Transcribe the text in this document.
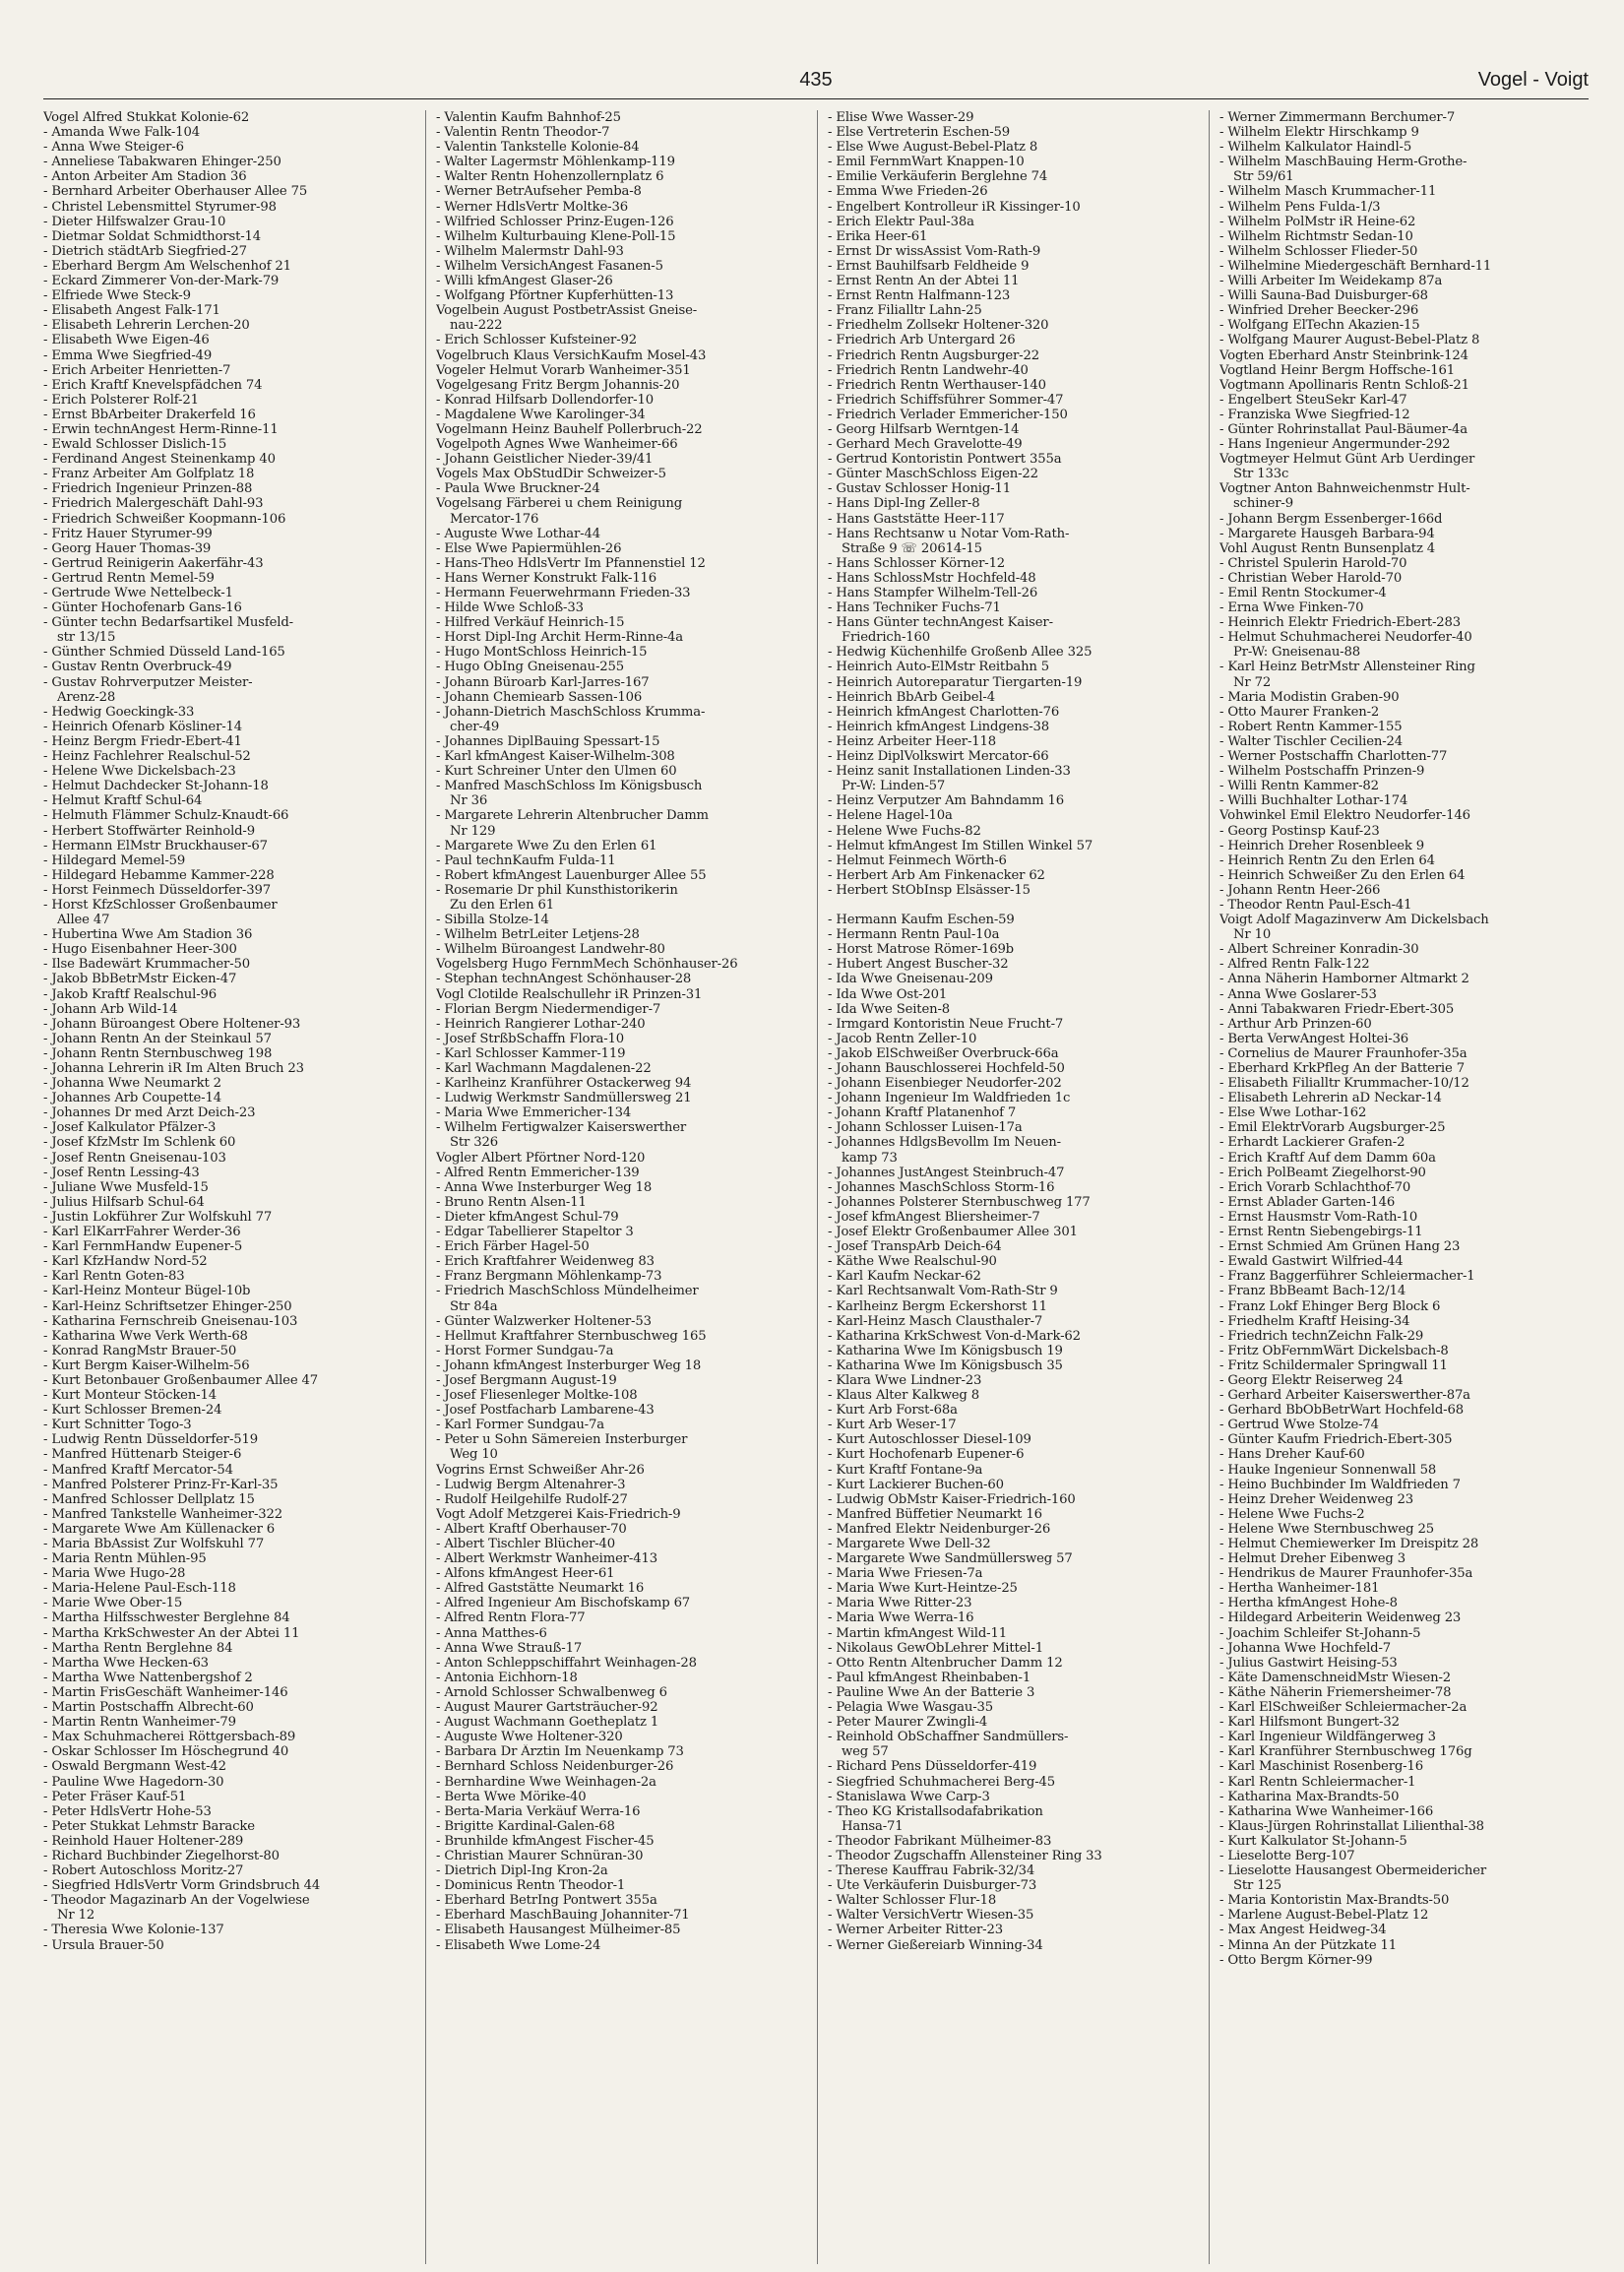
435	Vogel - Voigt
Vogel Alfred Stukkat Kolonie-62
- Amanda Wwe Falk-104
- Anna Wwe Steiger-6
- Anneliese Tabakwaren Ehinger-250
- Anton Arbeiter Am Stadion 36
- Bernhard Arbeiter Oberhauser Allee 75
- Christel Lebensmittel Styrumer-98
- Dieter Hilfswalzer Grau-10
- Dietmar Soldat Schmidthorst-14
- Dietrich städtArb Siegfried-27
- Eberhard Bergm Am Welschenhof 21
- Eckard Zimmerer Von-der-Mark-79
- Elfriede Wwe Steck-9
- Elisabeth Angest Falk-171
- Elisabeth Lehrerin Lerchen-20
- Elisabeth Wwe Eigen-46
- Emma Wwe Siegfried-49
- Erich Arbeiter Henrietten-7
- Erich Kraftf Knevelspfädchen 74
- Erich Polsterer Rolf-21
- Ernst BbArbeiter Drakerfeld 16
- Erwin technAngest Herm-Rinne-11
- Ewald Schlosser Dislich-15
- Ferdinand Angest Steinenkamp 40
- Franz Arbeiter Am Golfplatz 18
- Friedrich Ingenieur Prinzen-88
- Friedrich Malergeschäft Dahl-93
- Friedrich Schweißer Koopmann-106
- Fritz Hauer Styrumer-99
- Georg Hauer Thomas-39
- Gertrud Reinigerin Aakerfähr-43
- Gertrud Rentn Memel-59
- Gertrude Wwe Nettelbeck-1
- Günter Hochofenarb Gans-16
- Günter techn Bedarfsartikel Musfeld-
str 13/15
- Günther Schmied Düsseld Land-165
- Gustav Rentn Overbruck-49
- Gustav Rohrverputzer Meister-
Arenz-28
- Hedwig Goeckingk-33
- Heinrich Ofenarb Kösliner-14
- Heinz Bergm Friedr-Ebert-41
- Heinz Fachlehrer Realschul-52
- Helene Wwe Dickelsbach-23
- Helmut Dachdecker St-Johann-18
- Helmut Kraftf Schul-64
- Helmuth Flämmer Schulz-Knaudt-66
- Herbert Stoffwärter Reinhold-9
- Hermann ElMstr Bruckhauser-67
- Hildegard Memel-59
- Hildegard Hebamme Kammer-228
- Horst Feinmech Düsseldorfer-397
- Horst KfzSchlosser Großenbaumer
Allee 47
- Hubertina Wwe Am Stadion 36
- Hugo Eisenbahner Heer-300
- Ilse Badewärt Krummacher-50
- Jakob BbBetrMstr Eicken-47
- Jakob Kraftf Realschul-96
- Johann Arb Wild-14
- Johann Büroangest Obere Holtener-93
- Johann Rentn An der Steinkaul 57
- Johann Rentn Sternbuschweg 198
- Johanna Lehrerin iR Im Alten Bruch 23
- Johanna Wwe Neumarkt 2
- Johannes Arb Coupette-14
- Johannes Dr med Arzt Deich-23
- Josef Kalkulator Pfälzer-3
- Josef KfzMstr Im Schlenk 60
- Josef Rentn Gneisenau-103
- Josef Rentn Lessing-43
- Juliane Wwe Musfeld-15
- Julius Hilfsarb Schul-64
- Justin Lokführer Zur Wolfskuhl 77
- Karl ElKarrFahrer Werder-36
- Karl FernmHandw Eupener-5
- Karl KfzHandw Nord-52
- Karl Rentn Goten-83
- Karl-Heinz Monteur Bügel-10b
- Karl-Heinz Schriftsetzer Ehinger-250
- Katharina Fernschreib Gneisenau-103
- Katharina Wwe Verk Werth-68
- Konrad RangMstr Brauer-50
- Kurt Bergm Kaiser-Wilhelm-56
- Kurt Betonbauer Großenbaumer Allee 47
- Kurt Monteur Stöcken-14
- Kurt Schlosser Bremen-24
- Kurt Schnitter Togo-3
- Ludwig Rentn Düsseldorfer-519
- Manfred Hüttenarb Steiger-6
- Manfred Kraftf Mercator-54
- Manfred Polsterer Prinz-Fr-Karl-35
- Manfred Schlosser Dellplatz 15
- Manfred Tankstelle Wanheimer-322
- Margarete Wwe Am Küllenacker 6
- Maria BbAssist Zur Wolfskuhl 77
- Maria Rentn Mühlen-95
- Maria Wwe Hugo-28
- Maria-Helene Paul-Esch-118
- Marie Wwe Ober-15
- Martha Hilfsschwester Berglehne 84
- Martha KrkSchwester An der Abtei 11
- Martha Rentn Berglehne 84
- Martha Wwe Hecken-63
- Martha Wwe Nattenbergshof 2
- Martin FrisGeschäft Wanheimer-146
- Martin Postschaffn Albrecht-60
- Martin Rentn Wanheimer-79
- Max Schuhmacherei Röttgersbach-89
- Oskar Schlosser Im Höschegrund 40
- Oswald Bergmann West-42
- Pauline Wwe Hagedorn-30
- Peter Fräser Kauf-51
- Peter HdlsVertr Hohe-53
- Peter Stukkat Lehmstr Baracke
- Reinhold Hauer Holtener-289
- Richard Buchbinder Ziegelhorst-80
- Robert Autoschloss Moritz-27
- Siegfried HdlsVertr Vorm Grindsbruch 44
- Theodor Magazinarb An der Vogelwiese
Nr 12
- Theresia Wwe Kolonie-137
- Ursula Brauer-50
- Valentin Kaufm Bahnhof-25
- Valentin Rentn Theodor-7
- Valentin Tankstelle Kolonie-84
- Walter Lagermstr Möhlenkamp-119
- Walter Rentn Hohenzollernplatz 6
- Werner BetrAufseher Pemba-8
- Werner HdlsVertr Moltke-36
- Wilfried Schlosser Prinz-Eugen-126
- Wilhelm Kulturbauing Klene-Poll-15
- Wilhelm Malermstr Dahl-93
- Wilhelm VersichAngest Fasanen-5
- Willi kfmAngest Glaser-26
- Wolfgang Pförtner Kupferhütten-13
Vogelbein August PostbetrAssist Gneise-
nau-222
- Erich Schlosser Kufsteiner-92
Vogelbruch Klaus VersichKaufm Mosel-43
Vogeler Helmut Vorarb Wanheimer-351
Vogelgesang Fritz Bergm Johannis-20
- Konrad Hilfsarb Dollendorfer-10
- Magdalene Wwe Karolinger-34
Vogelmann Heinz Bauhelf Pollerbruch-22
Vogelpoth Agnes Wwe Wanheimer-66
- Johann Geistlicher Nieder-39/41
Vogels Max ObStudDir Schweizer-5
- Paula Wwe Bruckner-24
Vogelsang Färberei u chem Reinigung
Mercator-176
- Auguste Wwe Lothar-44
- Else Wwe Papiermühlen-26
- Hans-Theo HdlsVertr Im Pfannenstiel 12
- Hans Werner Konstrukt Falk-116
- Hermann Feuerwehrmann Frieden-33
- Hilde Wwe Schloß-33
- Hilfred Verkäuf Heinrich-15
- Horst Dipl-Ing Archit Herm-Rinne-4a
- Hugo MontSchloss Heinrich-15
- Hugo ObIng Gneisenau-255
- Johann Büroarb Karl-Jarres-167
- Johann Chemiearb Sassen-106
- Johann-Dietrich MaschSchloss Krumma-
cher-49
- Johannes DiplBauing Spessart-15
- Karl kfmAngest Kaiser-Wilhelm-308
- Kurt Schreiner Unter den Ulmen 60
- Manfred MaschSchloss Im Königsbusch
Nr 36
- Margarete Lehrerin Altenbrucher Damm
Nr 129
- Margarete Wwe Zu den Erlen 61
- Paul technKaufm Fulda-11
- Robert kfmAngest Lauenburger Allee 55
- Rosemarie Dr phil Kunsthistorikerin
Zu den Erlen 61
- Sibilla Stolze-14
- Wilhelm BetrLeiter Letjens-28
- Wilhelm Büroangest Landwehr-80
Vogelsberg Hugo FernmMech Schönhauser-26
- Stephan technAngest Schönhauser-28
Vogl Clotilde Realschullehr iR Prinzen-31
- Florian Bergm Niedermendiger-7
- Heinrich Rangierer Lothar-240
- Josef StrßbSchaffn Flora-10
- Karl Schlosser Kammer-119
- Karl Wachmann Magdalenen-22
- Karlheinz Kranführer Ostackerweg 94
- Ludwig Werkmstr Sandmüllersweg 21
- Maria Wwe Emmericher-134
- Wilhelm Fertigwalzer Kaiserswerther
Str 326
Vogler Albert Pförtner Nord-120
- Alfred Rentn Emmericher-139
- Anna Wwe Insterburger Weg 18
- Bruno Rentn Alsen-11
- Dieter kfmAngest Schul-79
- Edgar Tabellierer Stapeltor 3
- Erich Färber Hagel-50
- Erich Kraftfahrer Weidenweg 83
- Franz Bergmann Möhlenkamp-73
- Friedrich MaschSchloss Mündelheimer
Str 84a
- Günter Walzwerker Holtener-53
- Hellmut Kraftfahrer Sternbuschweg 165
- Horst Former Sundgau-7a
- Johann kfmAngest Insterburger Weg 18
- Josef Bergmann August-19
- Josef Fliesenleger Moltke-108
- Josef Postfacharb Lambarene-43
- Karl Former Sundgau-7a
- Peter u Sohn Sämereien Insterburger
Weg 10
Vogrins Ernst Schweißer Ahr-26
- Ludwig Bergm Altenahrer-3
- Rudolf Heilgehilfe Rudolf-27
Vogt Adolf Metzgerei Kais-Friedrich-9
- Albert Kraftf Oberhauser-70
- Albert Tischler Blücher-40
- Albert Werkmstr Wanheimer-413
- Alfons kfmAngest Heer-61
- Alfred Gaststätte Neumarkt 16
- Alfred Ingenieur Am Bischofskamp 67
- Alfred Rentn Flora-77
- Anna Matthes-6
- Anna Wwe Strauß-17
- Anton Schleppschiffahrt Weinhagen-28
- Antonia Eichhorn-18
- Arnold Schlosser Schwalbenweg 6
- August Maurer Gartsträucher-92
- August Wachmann Goetheplatz 1
- Auguste Wwe Holtener-320
- Barbara Dr Ärztin Im Neuenkamp 73
- Bernhard Schloss Neidenburger-26
- Bernhardine Wwe Weinhagen-2a
- Berta Wwe Mörike-40
- Berta-Maria Verkäuf Werra-16
- Brigitte Kardinal-Galen-68
- Brunhilde kfmAngest Fischer-45
- Christian Maurer Schnüran-30
- Dietrich Dipl-Ing Kron-2a
- Dominicus Rentn Theodor-1
- Eberhard BetrIng Pontwert 355a
- Eberhard MaschBauing Johanniter-71
- Elisabeth Hausangest Mülheimer-85
- Elisabeth Wwe Lome-24
- Elise Wwe Wasser-29
- Else Vertreterin Eschen-59
- Else Wwe August-Bebel-Platz 8
- Emil FernmWart Knappen-10
- Emilie Verkäuferin Berglehne 74
- Emma Wwe Frieden-26
- Engelbert Kontrolleur iR Kissinger-10
- Erich Elektr Paul-38a
- Erika Heer-61
- Ernst Dr wissAssist Vom-Rath-9
- Ernst Bauhilfsarb Feldheide 9
- Ernst Rentn An der Abtei 11
- Ernst Rentn Halfmann-123
- Franz Filialltr Lahn-25
- Friedhelm Zollsekr Holtener-320
- Friedrich Arb Untergard 26
- Friedrich Rentn Augsburger-22
- Friedrich Rentn Landwehr-40
- Friedrich Rentn Werthauser-140
- Friedrich Schiffsführer Sommer-47
- Friedrich Verlader Emmericher-150
- Georg Hilfsarb Werntgen-14
- Gerhard Mech Gravelotte-49
- Gertrud Kontoristin Pontwert 355a
- Günter MaschSchloss Eigen-22
- Gustav Schlosser Honig-11
- Hans Dipl-Ing Zeller-8
- Hans Gaststätte Heer-117
- Hans Rechtsanw u Notar Vom-Rath-
Straße 9 ☏ 20614-15
- Hans Schlosser Körner-12
- Hans SchlossMstr Hochfeld-48
- Hans Stampfer Wilhelm-Tell-26
- Hans Techniker Fuchs-71
- Hans Günter technAngest Kaiser-
Friedrich-160
- Hedwig Küchenhilfe Großenb Allee 325
- Heinrich Auto-ElMstr Reitbahn 5
- Heinrich Autoreparatur Tiergarten-19
- Heinrich BbArb Geibel-4
- Heinrich kfmAngest Charlotten-76
- Heinrich kfmAngest Lindgens-38
- Heinz Arbeiter Heer-118
- Heinz DiplVolkswirt Mercator-66
- Heinz sanit Installationen Linden-33
Pr-W: Linden-57
- Heinz Verputzer Am Bahndamm 16
- Helene Hagel-10a
- Helene Wwe Fuchs-82
- Helmut kfmAngest Im Stillen Winkel 57
- Helmut Feinmech Wörth-6
- Herbert Arb Am Finkenacker 62
- Herbert StObInsp Elsässer-15

- Hermann Kaufm Eschen-59
- Hermann Rentn Paul-10a
- Horst Matrose Römer-169b
- Hubert Angest Buscher-32
- Ida Wwe Gneisenau-209
- Ida Wwe Ost-201
- Ida Wwe Seiten-8
- Irmgard Kontoristin Neue Frucht-7
- Jacob Rentn Zeller-10
- Jakob ElSchweißer Overbruck-66a
- Johann Bauschlosserei Hochfeld-50
- Johann Eisenbieger Neudorfer-202
- Johann Ingenieur Im Waldfrieden 1c
- Johann Kraftf Platanenhof 7
- Johann Schlosser Luisen-17a
- Johannes HdlgsBevollm Im Neuen-
kamp 73
- Johannes JustAngest Steinbruch-47
- Johannes MaschSchloss Storm-16
- Johannes Polsterer Sternbuschweg 177
- Josef kfmAngest Bliersheimer-7
- Josef Elektr Großenbaumer Allee 301
- Josef TranspArb Deich-64
- Käthe Wwe Realschul-90
- Karl Kaufm Neckar-62
- Karl Rechtsanwalt Vom-Rath-Str 9
- Karlheinz Bergm Eckershorst 11
- Karl-Heinz Masch Clausthaler-7
- Katharina KrkSchwest Von-d-Mark-62
- Katharina Wwe Im Königsbusch 19
- Katharina Wwe Im Königsbusch 35
- Klara Wwe Lindner-23
- Klaus Alter Kalkweg 8
- Kurt Arb Forst-68a
- Kurt Arb Weser-17
- Kurt Autoschlosser Diesel-109
- Kurt Hochofenarb Eupener-6
- Kurt Kraftf Fontane-9a
- Kurt Lackierer Buchen-60
- Ludwig ObMstr Kaiser-Friedrich-160
- Manfred Büffetier Neumarkt 16
- Manfred Elektr Neidenburger-26
- Margarete Wwe Dell-32
- Margarete Wwe Sandmüllersweg 57
- Maria Wwe Friesen-7a
- Maria Wwe Kurt-Heintze-25
- Maria Wwe Ritter-23
- Maria Wwe Werra-16
- Martin kfmAngest Wild-11
- Nikolaus GewObLehrer Mittel-1
- Otto Rentn Altenbrucher Damm 12
- Paul kfmAngest Rheinbaben-1
- Pauline Wwe An der Batterie 3
- Pelagia Wwe Wasgau-35
- Peter Maurer Zwingli-4
- Reinhold ObSchaffner Sandmüllers-
weg 57
- Richard Pens Düsseldorfer-419
- Siegfried Schuhmacherei Berg-45
- Stanislawa Wwe Carp-3
- Theo KG Kristallsodafabrikation
Hansa-71
- Theodor Fabrikant Mülheimer-83
- Theodor Zugschaffn Allensteiner Ring 33
- Therese Kauffrau Fabrik-32/34
- Ute Verkäuferin Duisburger-73
- Walter Schlosser Flur-18
- Walter VersichVertr Wiesen-35
- Werner Arbeiter Ritter-23
- Werner Gießereiarb Winning-34
- Werner Zimmermann Berchumer-7
- Wilhelm Elektr Hirschkamp 9
- Wilhelm Kalkulator Haindl-5
- Wilhelm MaschBauing Herm-Grothe-
Str 59/61
- Wilhelm Masch Krummacher-11
- Wilhelm Pens Fulda-1/3
- Wilhelm PolMstr iR Heine-62
- Wilhelm Richtmstr Sedan-10
- Wilhelm Schlosser Flieder-50
- Wilhelmine Miedergeschäft Bernhard-11
- Willi Arbeiter Im Weidekamp 87a
- Willi Sauna-Bad Duisburger-68
- Winfried Dreher Beecker-296
- Wolfgang ElTechn Akazien-15
- Wolfgang Maurer August-Bebel-Platz 8
Vogten Eberhard Anstr Steinbrink-124
Vogtland Heinr Bergm Hoffsche-161
Vogtmann Apollinaris Rentn Schloß-21
- Engelbert SteuSekr Karl-47
- Franziska Wwe Siegfried-12
- Günter Rohrinstallat Paul-Bäumer-4a
- Hans Ingenieur Angermunder-292
Vogtmeyer Helmut Günt Arb Uerdinger
Str 133c
Vogtner Anton Bahnweichenmstr Hult-
schiner-9
- Johann Bergm Essenberger-166d
- Margarete Hausgeh Barbara-94
Vohl August Rentn Bunsenplatz 4
- Christel Spulerin Harold-70
- Christian Weber Harold-70
- Emil Rentn Stockumer-4
- Erna Wwe Finken-70
- Heinrich Elektr Friedrich-Ebert-283
- Helmut Schuhmacherei Neudorfer-40
Pr-W: Gneisenau-88
- Karl Heinz BetrMstr Allensteiner Ring
Nr 72
- Maria Modistin Graben-90
- Otto Maurer Franken-2
- Robert Rentn Kammer-155
- Walter Tischler Cecilien-24
- Werner Postschaffn Charlotten-77
- Wilhelm Postschaffn Prinzen-9
- Willi Rentn Kammer-82
- Willi Buchhalter Lothar-174
Vohwinkel Emil Elektro Neudorfer-146
- Georg Postinsp Kauf-23
- Heinrich Dreher Rosenbleek 9
- Heinrich Rentn Zu den Erlen 64
- Heinrich Schweißer Zu den Erlen 64
- Johann Rentn Heer-266
- Theodor Rentn Paul-Esch-41
Voigt Adolf Magazinverw Am Dickelsbach
Nr 10
- Albert Schreiner Konradin-30
- Alfred Rentn Falk-122
- Anna Näherin Hamborner Altmarkt 2
- Anna Wwe Goslarer-53
- Anni Tabakwaren Friedr-Ebert-305
- Arthur Arb Prinzen-60
- Berta VerwAngest Holtei-36
- Cornelius de Maurer Fraunhofer-35a
- Eberhard KrkPfleg An der Batterie 7
- Elisabeth Filialltr Krummacher-10/12
- Elisabeth Lehrerin aD Neckar-14
- Else Wwe Lothar-162
- Emil ElektrVorarb Augsburger-25
- Erhardt Lackierer Grafen-2
- Erich Kraftf Auf dem Damm 60a
- Erich PolBeamt Ziegelhorst-90
- Erich Vorarb Schlachthof-70
- Ernst Ablader Garten-146
- Ernst Hausmstr Vom-Rath-10
- Ernst Rentn Siebengebirgs-11
- Ernst Schmied Am Grünen Hang 23
- Ewald Gastwirt Wilfried-44
- Franz Baggerführer Schleiermacher-1
- Franz BbBeamt Bach-12/14
- Franz Lokf Ehinger Berg Block 6
- Friedhelm Kraftf Heising-34
- Friedrich technZeichn Falk-29
- Fritz ObFernmWärt Dickelsbach-8
- Fritz Schildermaler Springwall 11
- Georg Elektr Reiserweg 24
- Gerhard Arbeiter Kaiserswerther-87a
- Gerhard BbObBetrWart Hochfeld-68
- Gertrud Wwe Stolze-74
- Günter Kaufm Friedrich-Ebert-305
- Hans Dreher Kauf-60
- Hauke Ingenieur Sonnenwall 58
- Heino Buchbinder Im Waldfrieden 7
- Heinz Dreher Weidenweg 23
- Helene Wwe Fuchs-2
- Helene Wwe Sternbuschweg 25
- Helmut Chemiewerker Im Dreispitz 28
- Helmut Dreher Eibenweg 3
- Hendrikus de Maurer Fraunhofer-35a
- Hertha Wanheimer-181
- Hertha kfmAngest Hohe-8
- Hildegard Arbeiterin Weidenweg 23
- Joachim Schleifer St-Johann-5
- Johanna Wwe Hochfeld-7
- Julius Gastwirt Heising-53
- Käte DamenschneidMstr Wiesen-2
- Käthe Näherin Friemersheimer-78
- Karl ElSchweißer Schleiermacher-2a
- Karl Hilfsmont Bungert-32
- Karl Ingenieur Wildfängerweg 3
- Karl Kranführer Sternbuschweg 176g
- Karl Maschinist Rosenberg-16
- Karl Rentn Schleiermacher-1
- Katharina Max-Brandts-50
- Katharina Wwe Wanheimer-166
- Klaus-Jürgen Rohrinstallat Lilienthal-38
- Kurt Kalkulator St-Johann-5
- Lieselotte Berg-107
- Lieselotte Hausangest Obermeidericher
Str 125
- Maria Kontoristin Max-Brandts-50
- Marlene August-Bebel-Platz 12
- Max Angest Heidweg-34
- Minna An der Pützkate 11
- Otto Bergm Körner-99
